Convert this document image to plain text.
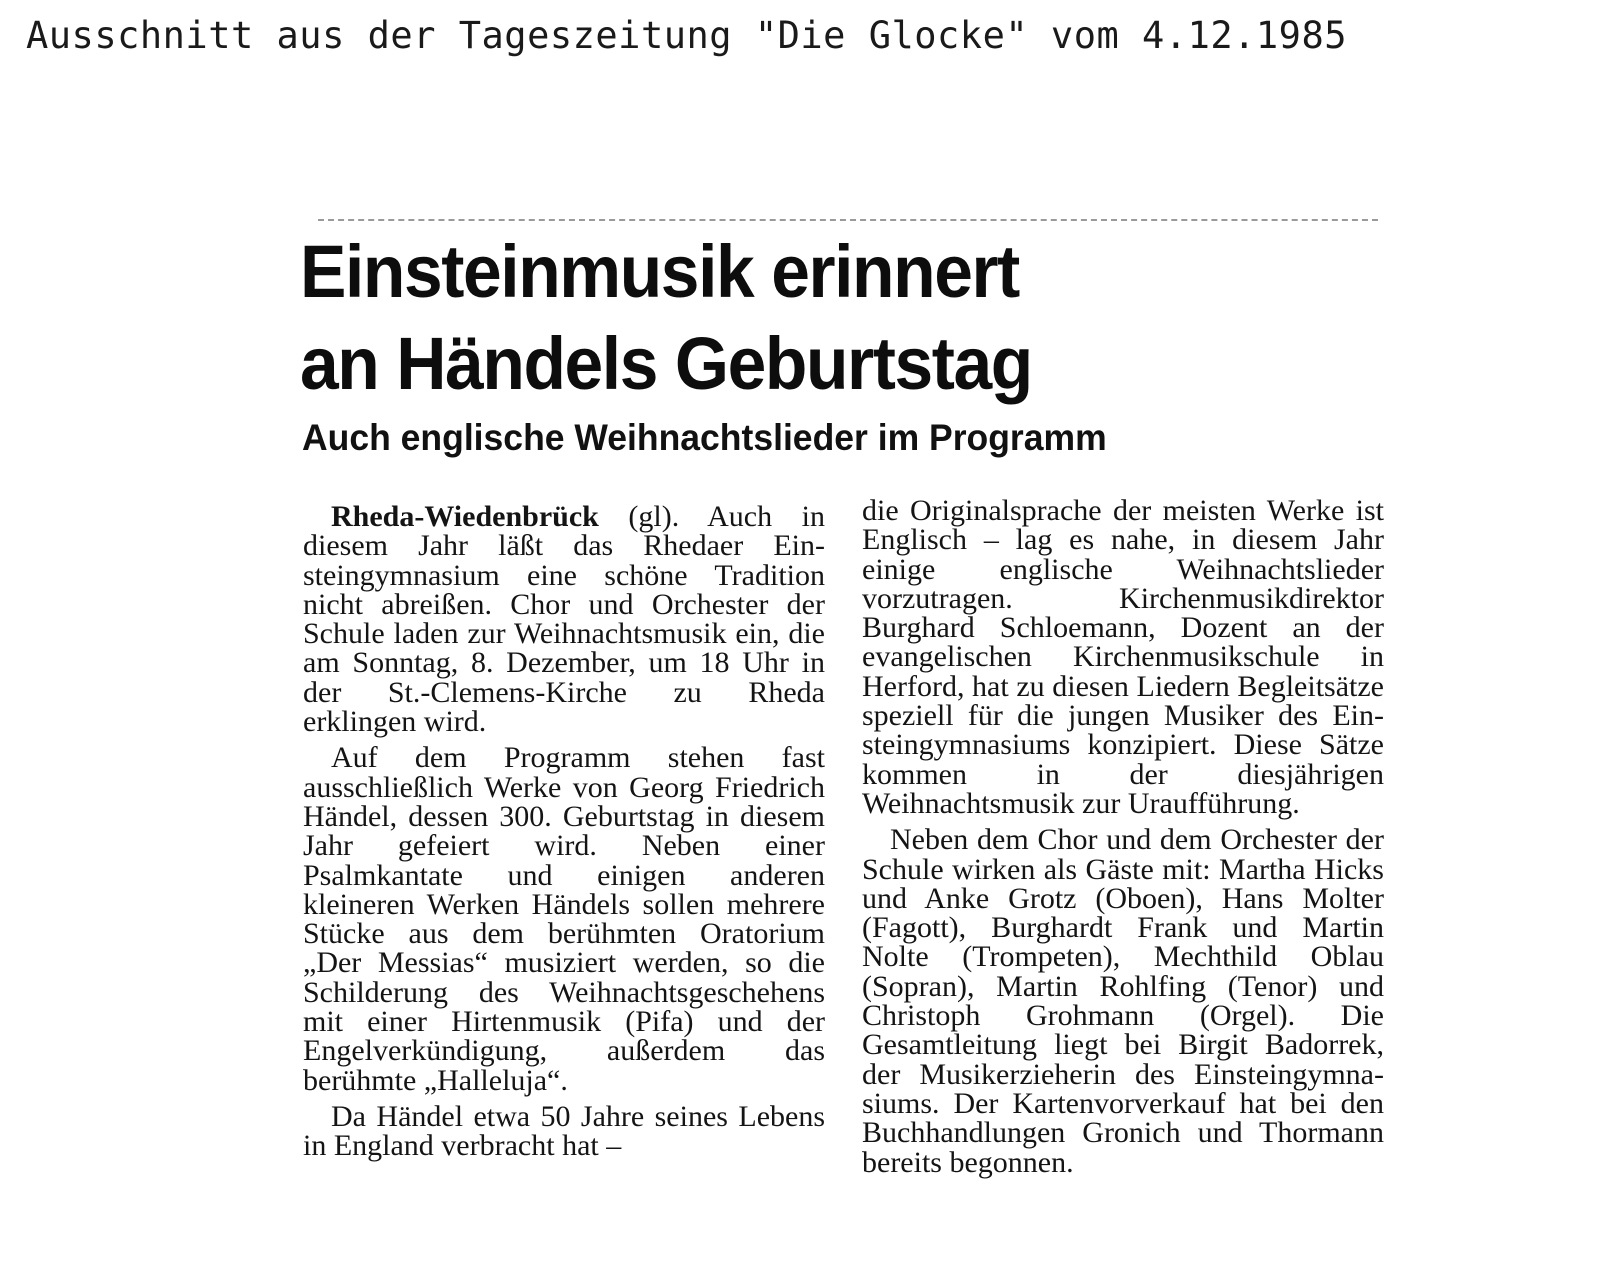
Ausschnitt aus der Tageszeitung "Die Glocke" vom 4.12.1985
Einsteinmusik erinnert
an Händels Geburtstag
Auch englische Weihnachtslieder im Programm

Rheda-Wiedenbrück (gl). Auch in diesem Jahr läßt das Rhedaer Einsteingymnasium eine schöne Tradition nicht abreißen. Chor und Orchester der Schule laden zur Weihnachtsmusik ein, die am Sonntag, 8. Dezember, um 18 Uhr in der St.-Clemens-Kirche zu Rheda erklingen wird.

Auf dem Programm stehen fast ausschließlich Werke von Georg Friedrich Händel, dessen 300. Geburtstag in diesem Jahr gefeiert wird. Neben einer Psalmkantate und einigen anderen kleineren Werken Händels sollen mehrere Stücke aus dem berühmten Oratorium „Der Messias“ musiziert werden, so die Schilderung des Weihnachtsgeschehens mit einer Hirtenmusik (Pifa) und der Engelverkündigung, außerdem das berühmte „Halleluja“.

Da Händel etwa 50 Jahre seines Lebens in England verbracht hat –

die Originalsprache der meisten Werke ist Englisch – lag es nahe, in diesem Jahr einige englische Weihnachtslieder vorzutragen. Kirchenmusikdirektor Burghard Schloemann, Dozent an der evangelischen Kirchenmusikschule in Herford, hat zu diesen Liedern Begleitsätze speziell für die jungen Musiker des Einsteingymnasiums konzipiert. Diese Sätze kommen in der diesjährigen Weihnachtsmusik zur Uraufführung.

Neben dem Chor und dem Orchester der Schule wirken als Gäste mit: Martha Hicks und Anke Grotz (Oboen), Hans Molter (Fagott), Burghardt Frank und Martin Nolte (Trompeten), Mechthild Oblau (Sopran), Martin Rohlfing (Tenor) und Christoph Grohmann (Orgel). Die Gesamtleitung liegt bei Birgit Badorrek, der Musikerzieherin des Einsteingymnasiums. Der Kartenvorverkauf hat bei den Buchhandlungen Gronich und Thormann bereits begonnen.
